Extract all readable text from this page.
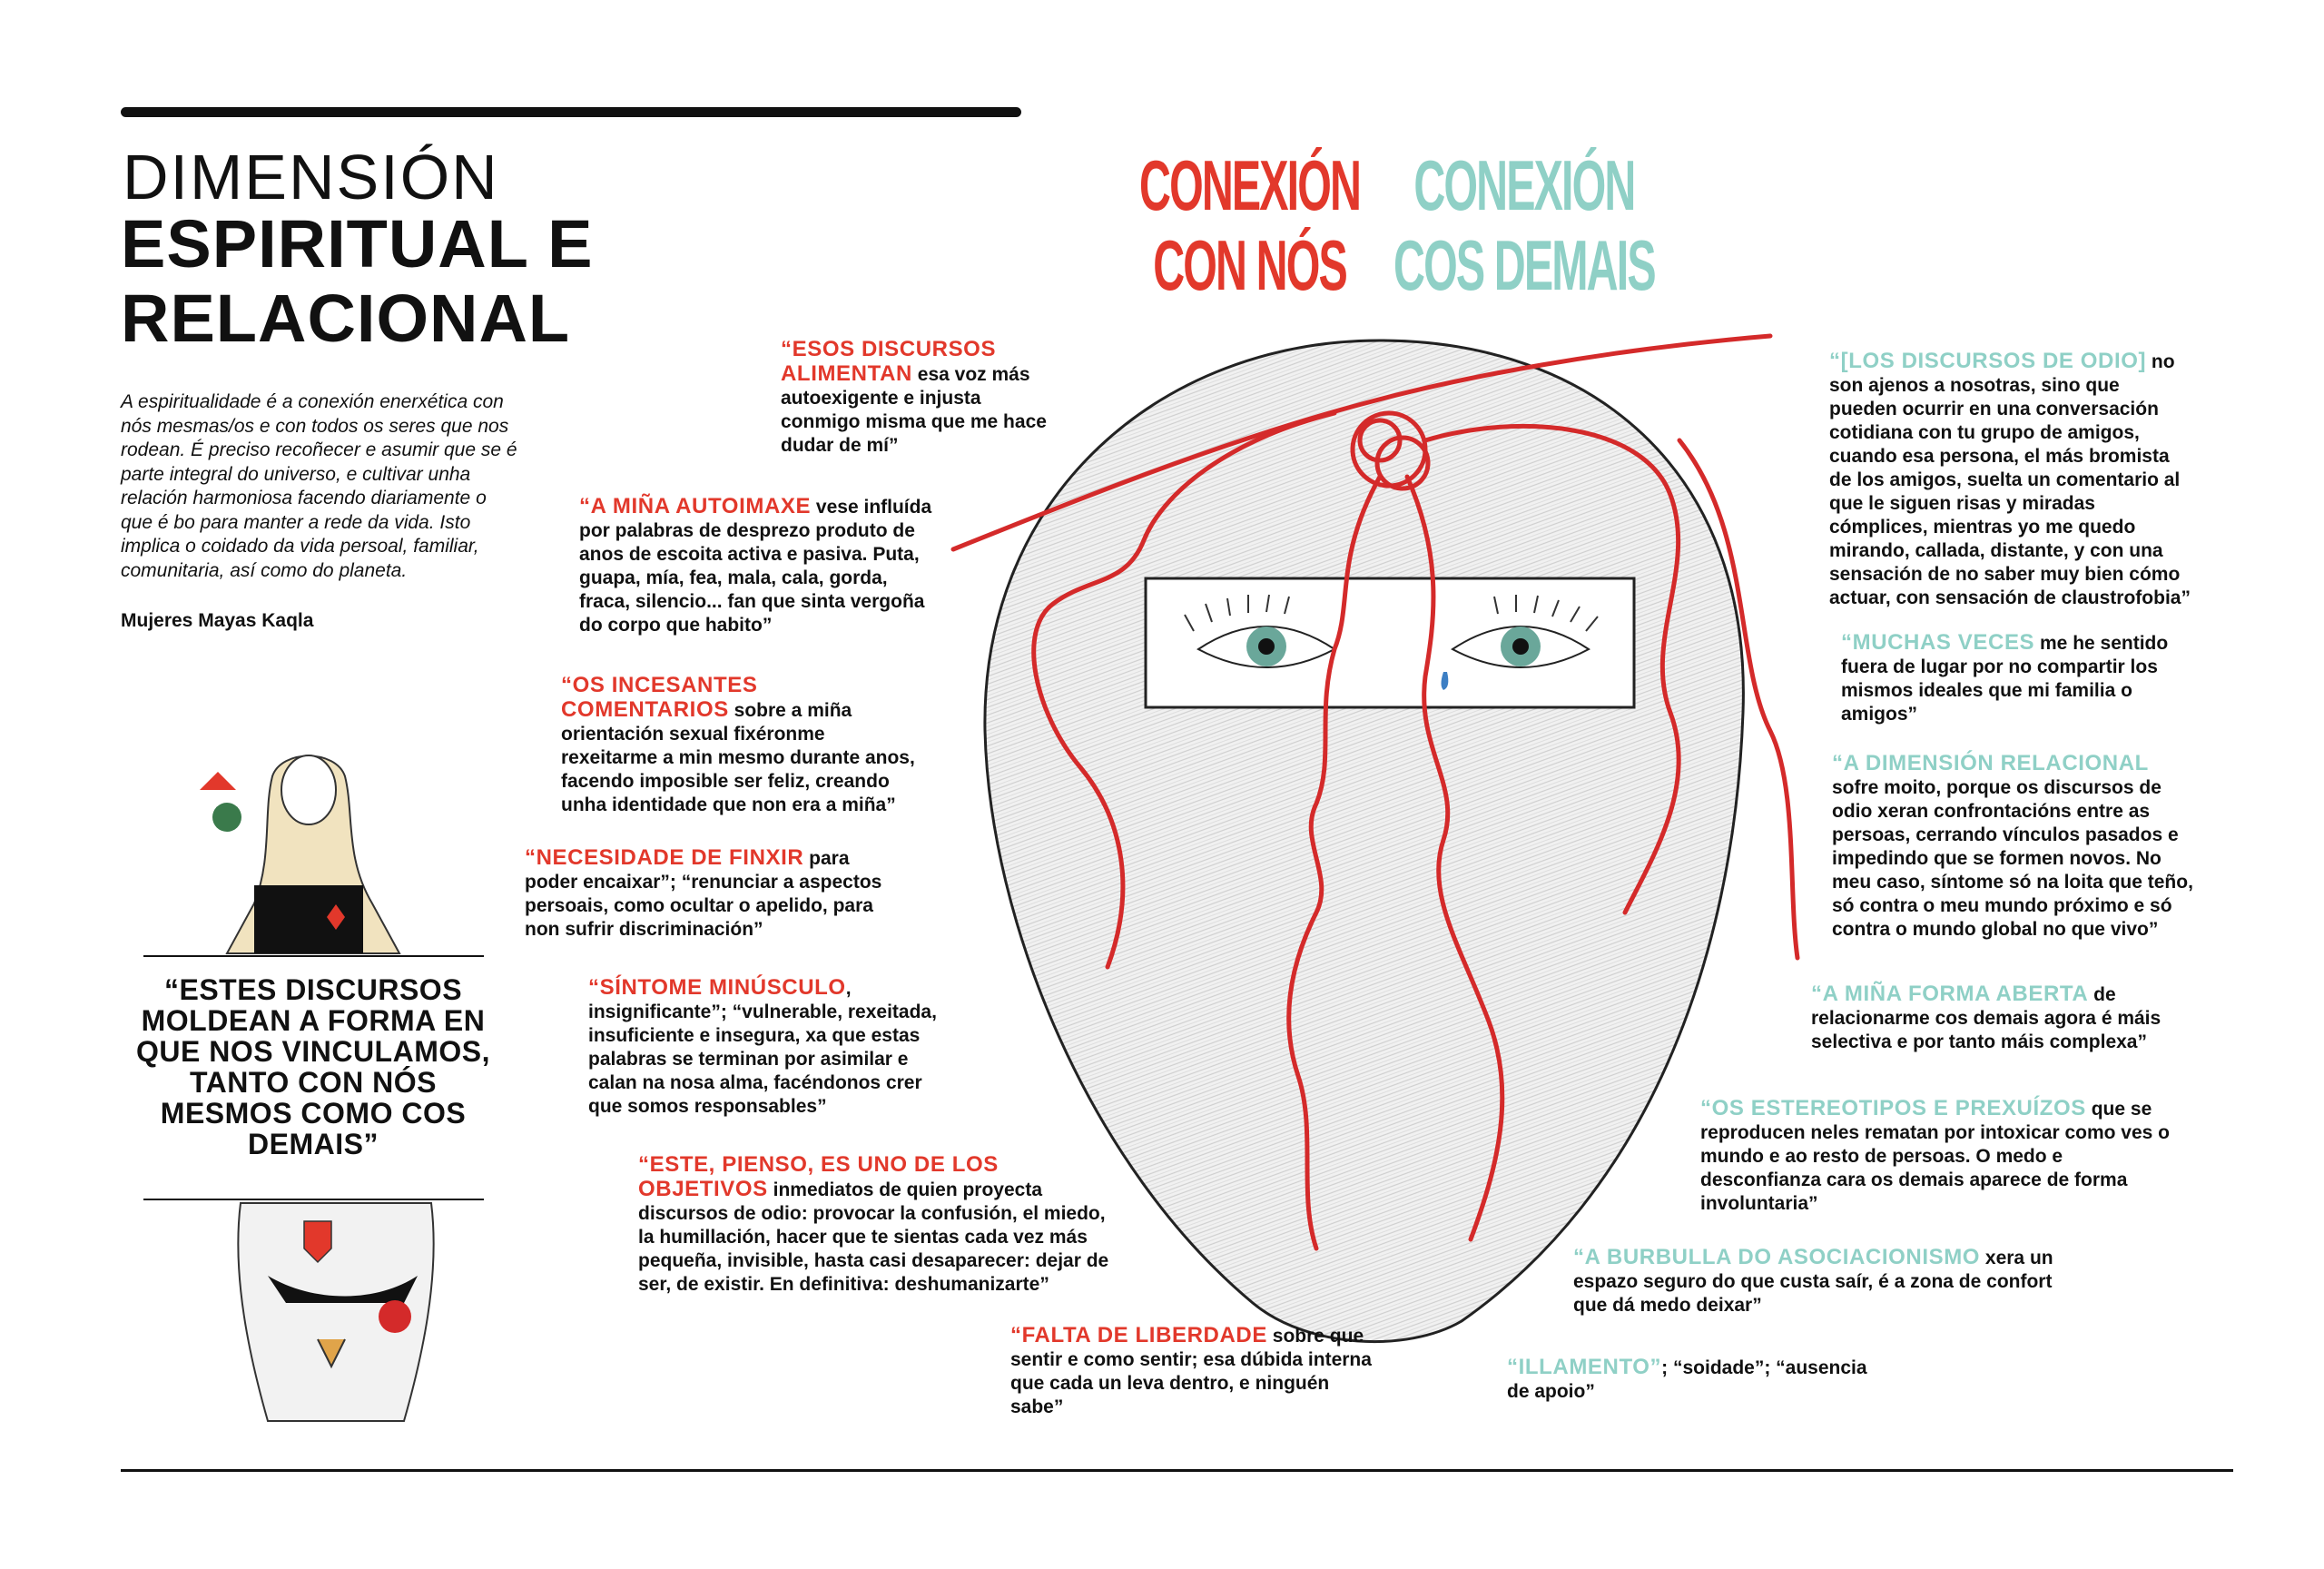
DIMENSIÓN
ESPIRITUAL E
RELACIONAL
A espiritualidade é a conexión enerxética con nós mesmas/os e con todos os seres que nos rodean. É preciso recoñecer e asumir que se é parte integral do universo, e cultivar unha relación harmoniosa facendo diariamente o que é bo para manter a rede da vida. Isto implica o coidado da vida persoal, familiar, comunitaria, así como do planeta.
Mujeres Mayas Kaqla
CONEXIÓN
CON NÓS
CONEXIÓN
COS DEMAIS
“ESTES DISCURSOS MOLDEAN A FORMA EN QUE NOS VINCULAMOS, TANTO CON NÓS MESMOS COMO COS DEMAIS”
“ESOS DISCURSOS ALIMENTAN esa voz más autoexigente e injusta conmigo misma que me hace dudar de mí”
“A MIÑA AUTOIMAXE vese influída por palabras de desprezo produto de anos de escoita activa e pasiva. Puta, guapa, mía, fea, mala, cala, gorda, fraca, silencio... fan que sinta vergoña do corpo que habito”
“OS INCESANTES COMENTARIOS sobre a miña orientación sexual fixéronme rexeitarme a min mesmo durante anos, facendo imposible ser feliz, creando unha identidade que non era a miña”
“NECESIDADE DE FINXIR para poder encaixar”; “renunciar a aspectos persoais, como ocultar o apelido, para non sufrir discriminación”
“SÍNTOME MINÚSCULO, insignificante”; “vulnerable, rexeitada, insuficiente e insegura, xa que estas palabras se terminan por asimilar e calan na nosa alma, facéndonos crer que somos responsables”
“ESTE, PIENSO, ES UNO DE LOS OBJETIVOS inmediatos de quien proyecta discursos de odio: provocar la confusión, el miedo, la humillación, hacer que te sientas cada vez más pequeña, invisible, hasta casi desaparecer: dejar de ser, de existir. En definitiva: deshumanizarte”
“FALTA DE LIBERDADE sobre que sentir e como sentir; esa dúbida interna que cada un leva dentro, e ninguén sabe”
“[LOS DISCURSOS DE ODIO] no son ajenos a nosotras, sino que pueden ocurrir en una conversación cotidiana con tu grupo de amigos, cuando esa persona, el más bromista de los amigos, suelta un comentario al que le siguen risas y miradas cómplices, mientras yo me quedo mirando, callada, distante, y con una sensación de no saber muy bien cómo actuar, con sensación de claustrofobia”
“MUCHAS VECES me he sentido fuera de lugar por no compartir los mismos ideales que mi familia o amigos”
“A DIMENSIÓN RELACIONAL sofre moito, porque os discursos de odio xeran confrontacións entre as persoas, cerrando vínculos pasados e impedindo que se formen novos. No meu caso, síntome só na loita que teño, só contra o meu mundo próximo e só contra o mundo global no que vivo”
“A MIÑA FORMA ABERTA de relacionarme cos demais agora é máis selectiva e por tanto máis complexa”
“OS ESTEREOTIPOS E PREXUÍZOS que se reproducen neles rematan por intoxicar como ves o mundo e ao resto de persoas. O medo e desconfianza cara os demais aparece de forma involuntaria”
“A BURBULLA DO ASOCIACIONISMO xera un espazo seguro do que custa saír, é a zona de confort que dá medo deixar”
“ILLAMENTO”; “soidade”; “ausencia de apoio”
